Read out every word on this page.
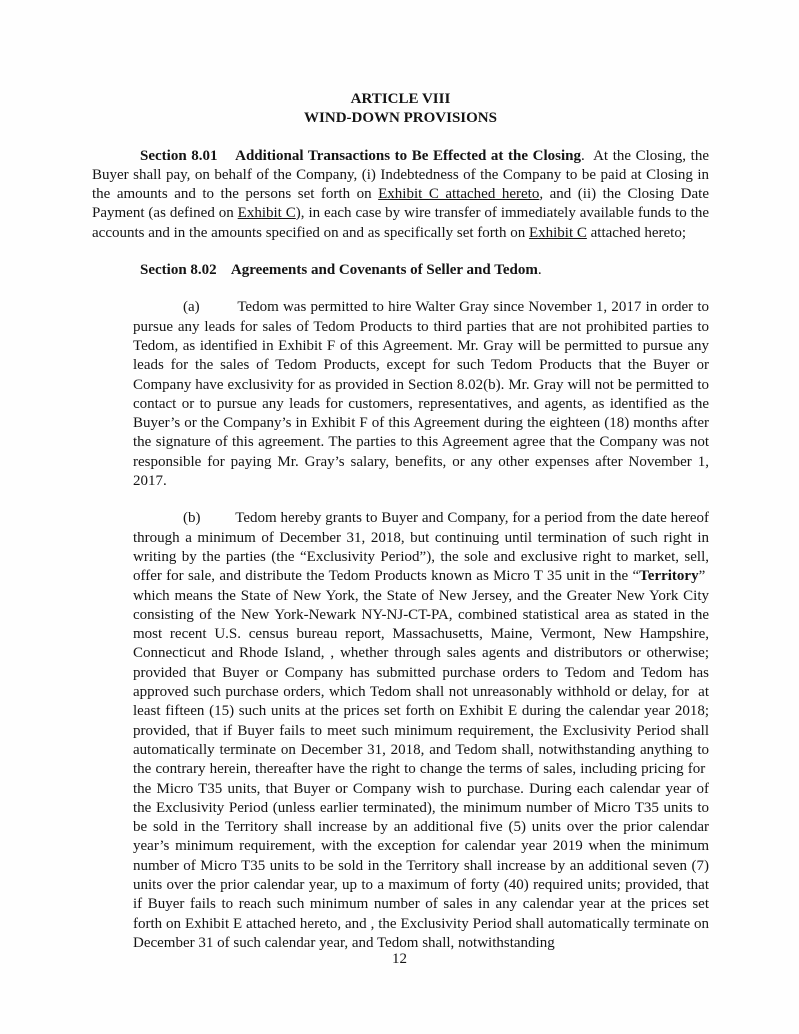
ARTICLE VIII

WIND-DOWN PROVISIONS

Section 8.01 Additional Transactions to Be Effected at the Closing.  At the Closing, the Buyer shall pay, on behalf of the Company, (i) Indebtedness of the Company to be paid at Closing in the amounts and to the persons set forth on Exhibit C attached hereto, and (ii) the Closing Date Payment (as defined on Exhibit C), in each case by wire transfer of immediately available funds to the accounts and in the amounts specified on and as specifically set forth on Exhibit C attached hereto;

Section 8.02 Agreements and Covenants of Seller and Tedom.

(a)	Tedom was permitted to hire Walter Gray since November 1, 2017 in order to pursue any leads for sales of Tedom Products to third parties that are not prohibited parties to Tedom, as identified in Exhibit F of this Agreement. Mr. Gray will be permitted to pursue any leads for the sales of Tedom Products, except for such Tedom Products that the Buyer or Company have exclusivity for as provided in Section 8.02(b). Mr. Gray will not be permitted to contact or to pursue any leads for customers, representatives, and agents, as identified as the Buyer’s or the Company’s in Exhibit F of this Agreement during the eighteen (18) months after the signature of this agreement. The parties to this Agreement agree that the Company was not responsible for paying Mr. Gray’s salary, benefits, or any other expenses after November 1, 2017.

(b) Tedom hereby grants to Buyer and Company, for a period from the date hereof through a minimum of December 31, 2018, but continuing until termination of such right in writing by the parties (the “Exclusivity Period”), the sole and exclusive right to market, sell, offer for sale, and distribute the Tedom Products known as Micro T 35 unit in the “Territory”  which means the State of New York, the State of New Jersey, and the Greater New York City consisting of the New York-Newark NY-NJ-CT-PA, combined statistical area as stated in the most recent U.S. census bureau report, Massachusetts, Maine, Vermont, New Hampshire, Connecticut and Rhode Island, , whether through sales agents and distributors or otherwise; provided that Buyer or Company has submitted purchase orders to Tedom and Tedom has approved such purchase orders, which Tedom shall not unreasonably withhold or delay, for  at least fifteen (15) such units at the prices set forth on Exhibit E during the calendar year 2018; provided, that if Buyer fails to meet such minimum requirement, the Exclusivity Period shall automatically terminate on December 31, 2018, and Tedom shall, notwithstanding anything to the contrary herein, thereafter have the right to change the terms of sales, including pricing for  the Micro T35 units, that Buyer or Company wish to purchase. During each calendar year of the Exclusivity Period (unless earlier terminated), the minimum number of Micro T35 units to be sold in the Territory shall increase by an additional five (5) units over the prior calendar year’s minimum requirement, with the exception for calendar year 2019 when the minimum number of Micro T35 units to be sold in the Territory shall increase by an additional seven (7) units over the prior calendar year, up to a maximum of forty (40) required units; provided, that if Buyer fails to reach such minimum number of sales in any calendar year at the prices set forth on Exhibit E attached hereto, and , the Exclusivity Period shall automatically terminate on December 31 of such calendar year, and Tedom shall, notwithstanding

12
